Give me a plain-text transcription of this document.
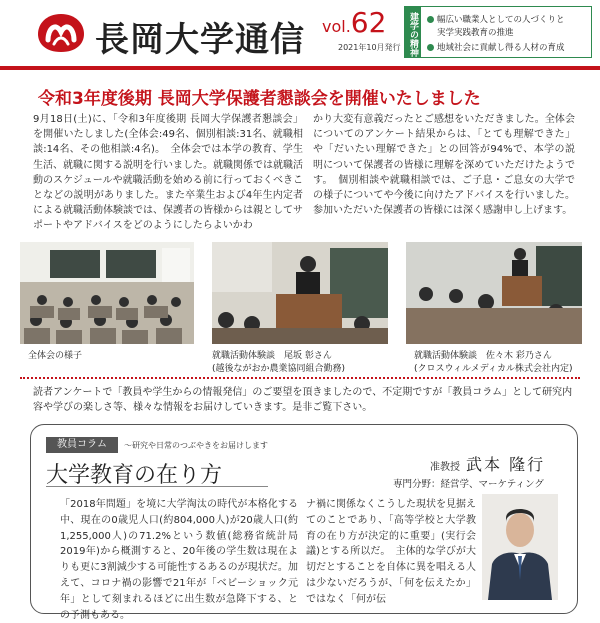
長岡大学通信 vol.62
2021年10月発行 建学の精神	幅広い職業人としての人づくりと
実学実践教育の推進
地域社会に貢献し得る人材の育成
令和3年度後期 長岡大学保護者懇談会を開催いたしました
9月18日(土)に、「令和3年度後期 長岡大学保護者懇談会」を開催いたしました(全体会:49名、個別相談:31名、就職相談:14名、その他相談:4名)。　全体会では本学の教育、学生生活、就職に関する説明を行いました。就職関係では就職活動のスケジュールや就職活動を始める前に行っておくべきことなどの説明がありました。また卒業生および4年生内定者による就職活動体験談では、保護者の皆様からは親としてサポートやアドバイスをどのようにしたらよいかわ
かり大変有意義だったとご感想をいただきました。全体会についてのアンケート結果からは、「とても理解できた」や「だいたい理解できた」との回答が94%で、本学の説明について保護者の皆様に理解を深めていただけたようです。　個別相談や就職相談では、ご子息・ご息女の大学での様子についてや今後に向けたアドバイスを行いました。参加いただいた保護者の皆様には深く感謝申し上げます。
全体会の様子	就職活動体験談　尾坂 彰さん
(越後ながおか農業協同組合勤務)
就職活動体験談　佐々木 彩乃さん
(クロスウィルメディカル株式会社内定)
読者アンケートで「教員や学生からの情報発信」のご要望を頂きましたので、不定期ですが「教員コラム」として研究内容や学びの楽しさ等、様々な情報をお届けしていきます。是非ご覧下さい。
教員コラム	～研究や日常のつぶやきをお届けします
大学教育の在り方	准教授 武本 隆行
専門分野：経営学、マーケティング
「2018年問題」を境に大学淘汰の時代が本格化する中、現在の0歳児人口(約804,000人)が20歳人口(約1,255,000人)の71.2%という数値(総務省統計局2019年)から概測すると、20年後の学生数は現在よりも更に3割減少する可能性するあるのが現状だ。加えて、コロナ禍の影響で21年が「ベビーショック元年」として刻まれるほどに出生数が急降下する、との予測もある。
ナ禍に関係なくこうした現状を見据えてのことであり、「高等学校と大学教育の在り方が決定的に重要」(実行会議)とする所以だ。　主体的な学びが大切だとすることを自体に異を唱える人は少ないだろうが、「何を伝えたか」ではなく「何が伝
